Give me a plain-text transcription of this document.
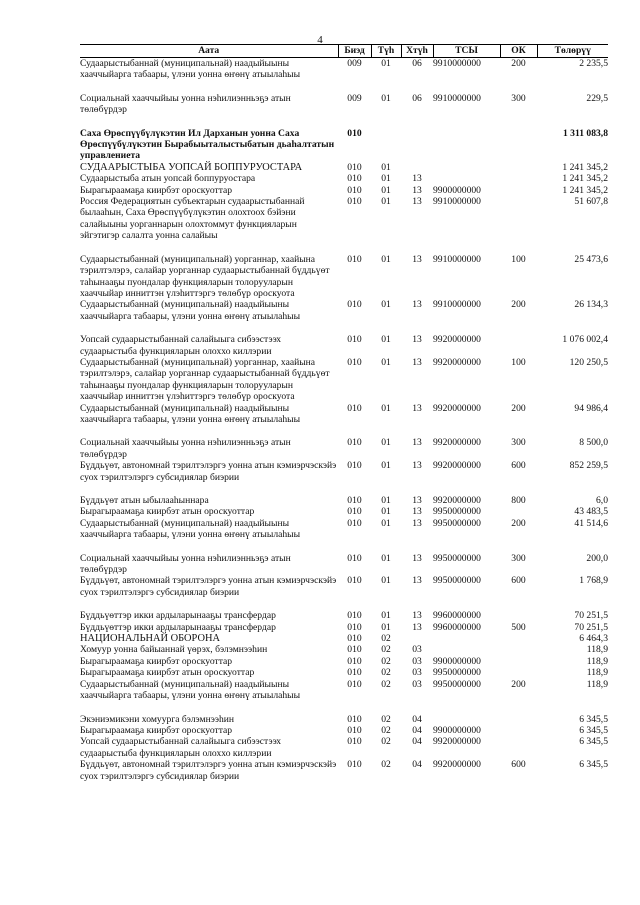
4
Аата	Биэд	Түһ	Хтүһ	ТСЫ	ОК	Төлөрүү
Судаарыстыбаннай (муниципальнай) наадыйыыны хааччыйарга табаары, үлэни уонна өҥөнү атыылаһыы	009	01	06	9910000000	200	2 235,5

Социальнай хааччыйыы уонна нэһилиэнньэҕэ атын төлөбүрдэр	009	01	06	9910000000	300	229,5

Саха Өрөспүүбүлүкэтин Ил Дарханын уонна Саха Өрөспүүбүлүкэтин Бырабыыталыстыбатын дьаһалтатын управлениета	010					1 311 083,8
СУДААРЫСТЫБА УОПСАЙ БОППУРУОСТАРА	010	01				1 241 345,2
Судаарыстыба атын уопсай боппуруостара	010	01	13			1 241 345,2
Бырагыраамаҕа киирбэт ороскуоттар	010	01	13	9900000000		1 241 345,2
Россия Федерациятын субъектарын судаарыстыбаннай былааһын, Саха Өрөспүүбүлүкэтин олохтоох бэйэни салайыыны уорганнарын олохтоммут функцияларын эйгэтигэр салалта уонна салайыы	010	01	13	9910000000		51 607,8

Судаарыстыбаннай (муниципальнай) уорганнар, хаайына тэрилтэлэрэ, салайар уорганнар судаарыстыбаннай бүддьүөт таһынааҕы пуондалар функцияларын толорууларын хааччыйар инниттэн үлэһиттэргэ төлөбүр ороскуота	010	01	13	9910000000	100	25 473,6
Судаарыстыбаннай (муниципальнай) наадыйыыны хааччыйарга табаары, үлэни уонна өҥөнү атыылаһыы	010	01	13	9910000000	200	26 134,3

Уопсай судаарыстыбаннай салайыыга сибээстээх судаарыстыба функцияларын олоххо киллэрии	010	01	13	9920000000		1 076 002,4
Судаарыстыбаннай (муниципальнай) уорганнар, хаайына тэрилтэлэрэ, салайар уорганнар судаарыстыбаннай бүддьүөт таһынааҕы пуондалар функцияларын толорууларын хааччыйар инниттэн үлэһиттэргэ төлөбүр ороскуота	010	01	13	9920000000	100	120 250,5
Судаарыстыбаннай (муниципальнай) наадыйыыны хааччыйарга табаары, үлэни уонна өҥөнү атыылаһыы	010	01	13	9920000000	200	94 986,4

Социальнай хааччыйыы уонна нэһилиэнньэҕэ атын төлөбүрдэр	010	01	13	9920000000	300	8 500,0
Бүддьүөт, автономнай тэрилтэлэргэ уонна атын кэмиэрчэскэйэ суох тэрилтэлэргэ субсидиялар биэрии	010	01	13	9920000000	600	852 259,5

Бүддьүөт атын ыбылааһыннара	010	01	13	9920000000	800	6,0
Бырагыраамаҕа киирбэт атын ороскуоттар	010	01	13	9950000000		43 483,5
Судаарыстыбаннай (муниципальнай) наадыйыыны хааччыйарга табаары, үлэни уонна өҥөнү атыылаһыы	010	01	13	9950000000	200	41 514,6

Социальнай хааччыйыы уонна нэһилиэнньэҕэ атын төлөбүрдэр	010	01	13	9950000000	300	200,0
Бүддьүөт, автономнай тэрилтэлэргэ уонна атын кэмиэрчэскэйэ суох тэрилтэлэргэ субсидиялар биэрии	010	01	13	9950000000	600	1 768,9

Бүддьүөттэр икки ардыларынааҕы трансфердар	010	01	13	9960000000		70 251,5
Бүддьүөттэр икки ардыларынааҕы трансфердар	010	01	13	9960000000	500	70 251,5
НАЦИОНАЛЬНАЙ ОБОРОНА	010	02				6 464,3
Хомуур уонна байыаннай үөрэх, бэлэмнээһин	010	02	03			118,9
Бырагыраамаҕа киирбэт ороскуоттар	010	02	03	9900000000		118,9
Бырагыраамаҕа киирбэт атын ороскуоттар	010	02	03	9950000000		118,9
Судаарыстыбаннай (муниципальнай) наадыйыыны хааччыйарга табаары, үлэни уонна өҥөнү атыылаһыы	010	02	03	9950000000	200	118,9

Экэниэмикэни хомуурга бэлэмнээһин	010	02	04			6 345,5
Бырагыраамаҕа киирбэт ороскуоттар	010	02	04	9900000000		6 345,5
Уопсай судаарыстыбаннай салайыыга сибээстээх судаарыстыба функцияларын олоххо киллэрии	010	02	04	9920000000		6 345,5
Бүддьүөт, автономнай тэрилтэлэргэ уонна атын кэмиэрчэскэйэ суох тэрилтэлэргэ субсидиялар биэрии	010	02	04	9920000000	600	6 345,5
